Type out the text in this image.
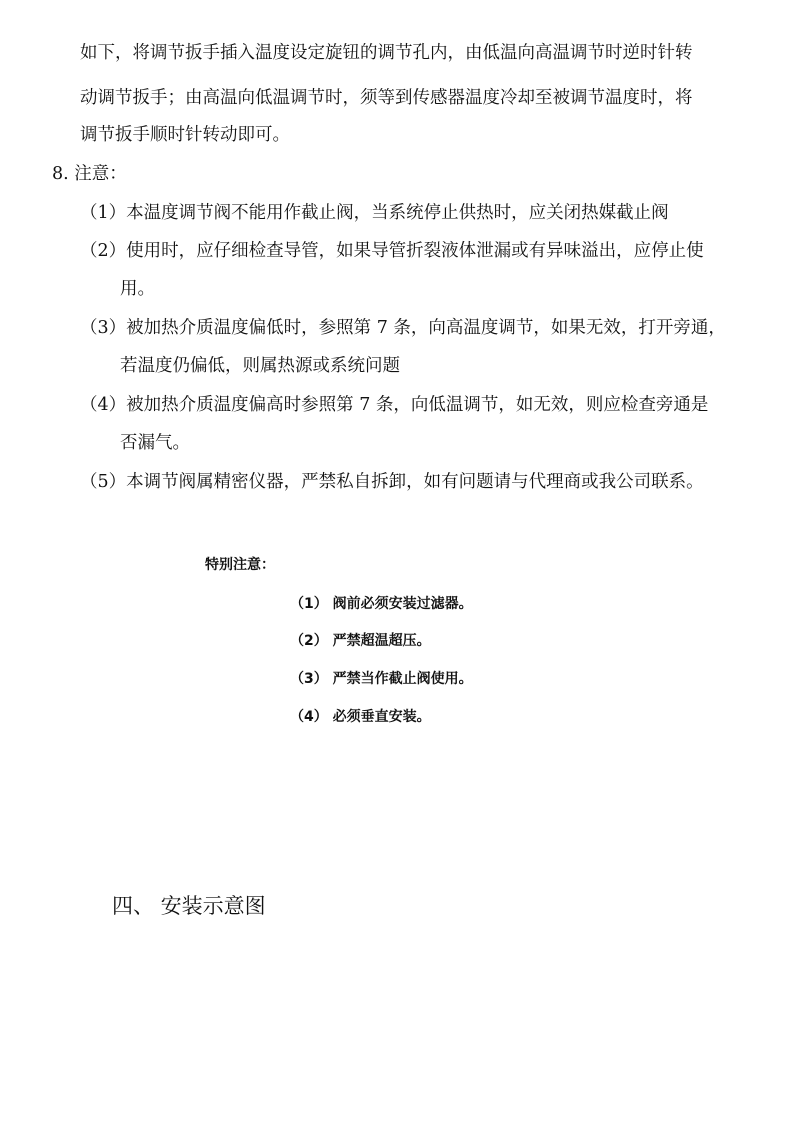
如下，将调节扳手插入温度设定旋钮的调节孔内，由低温向高温调节时逆时针转
动调节扳手；由高温向低温调节时，须等到传感器温度冷却至被调节温度时，将
调节扳手顺时针转动即可。
8. 注意：
（1）本温度调节阀不能用作截止阀，当系统停止供热时，应关闭热媒截止阀
（2）使用时，应仔细检查导管，如果导管折裂液体泄漏或有异味溢出，应停止使
用。
（3）被加热介质温度偏低时，参照第 7 条，向高温度调节，如果无效，打开旁通，
若温度仍偏低，则属热源或系统问题
（4）被加热介质温度偏高时参照第 7 条，向低温调节，如无效，则应检查旁通是
否漏气。
（5）本调节阀属精密仪器，严禁私自拆卸，如有问题请与代理商或我公司联系。
特别注意：
（1） 阀前必须安装过滤器。
（2） 严禁超温超压。
（3） 严禁当作截止阀使用。
（4） 必须垂直安装。
四、 安装示意图
